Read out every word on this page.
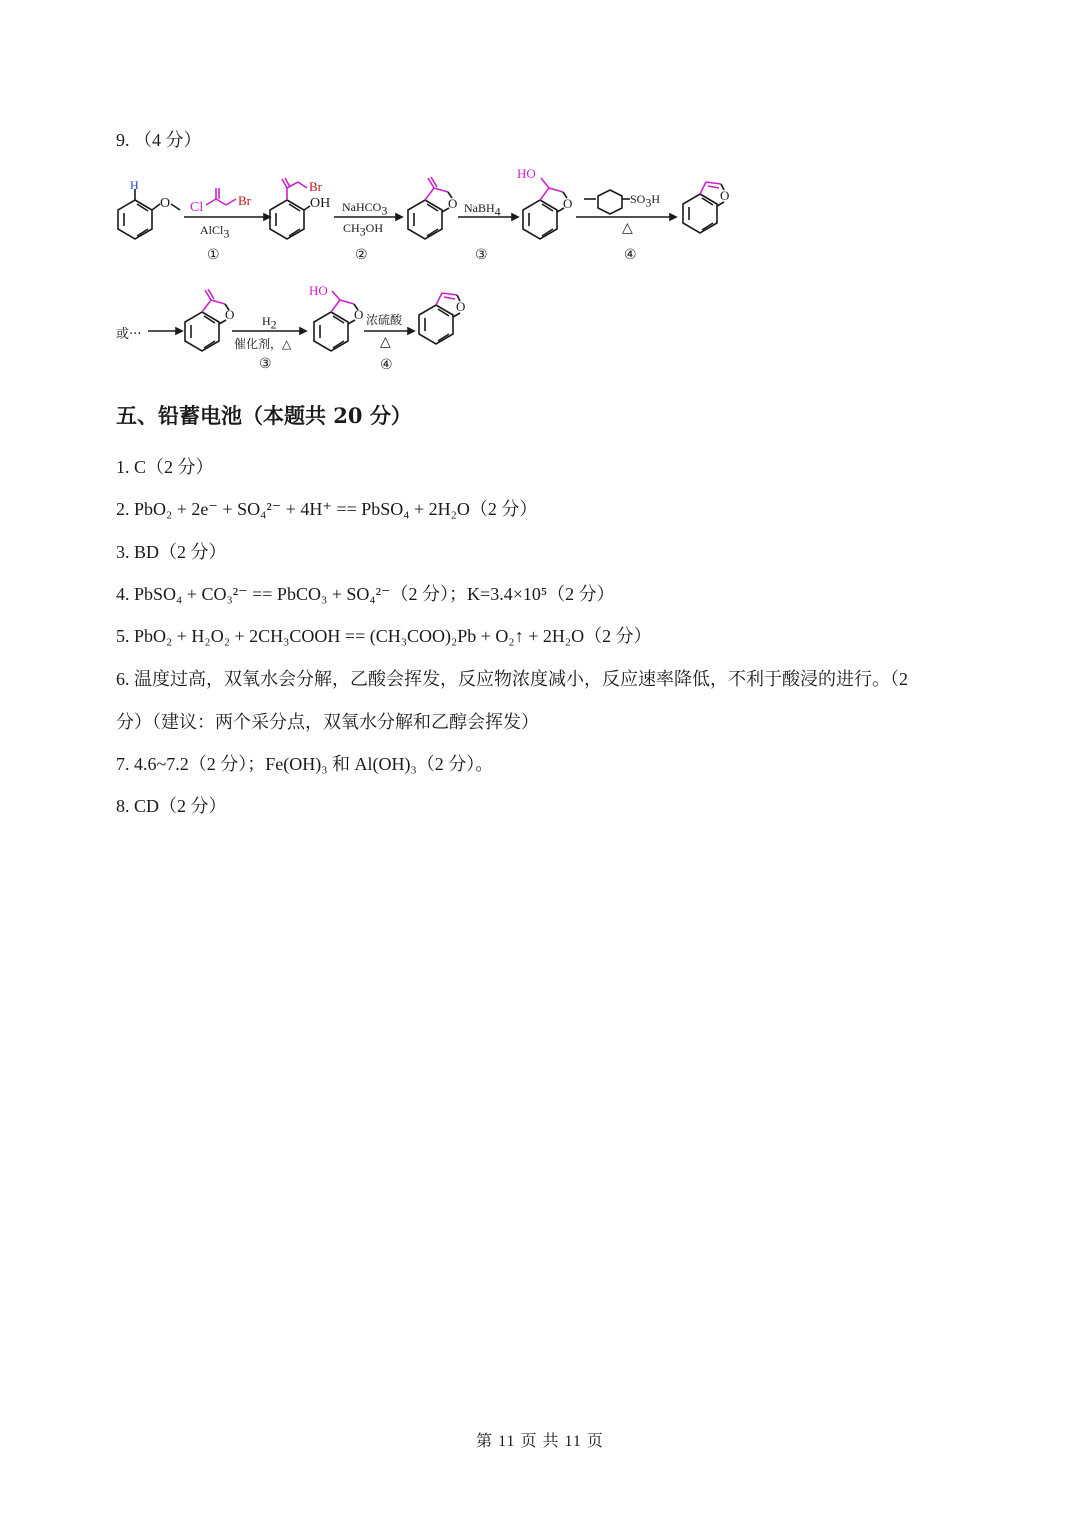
9. （4 分）
H
O Cl	Br
AlCl$_3$
Br
OH NaHCO$_3$
$CH_3OH$
O NaBH$_4$
HO
O	$SO_3H$
△
O
①	②	③	④
或···
O $H_2$
催化剂，△
HO
O 浓硫酸
△
O
③	④
五、铅蓄电池（本题共 20 分）
1. C（2 分）
2. PbO₂ + 2e⁻ + SO₄²⁻ + 4H⁺ == PbSO₄ + 2H₂O（2 分）
3. BD（2 分）
4. PbSO₄ + CO₃²⁻ == PbCO₃ + SO₄²⁻（2 分）；K=3.4×10⁵（2 分）
5. PbO₂ + H₂O₂ + 2CH₃COOH == (CH₃COO)₂Pb + O₂↑ + 2H₂O（2 分）
6. 温度过高，双氧水会分解，乙酸会挥发，反应物浓度减小，反应速率降低，不利于酸浸的进行。（2
分）（建议：两个采分点，双氧水分解和乙醇会挥发）
7. 4.6~7.2（2 分）；Fe(OH)₃ 和 Al(OH)₃（2 分）。
8. CD（2 分）
第 11 页 共 11 页
